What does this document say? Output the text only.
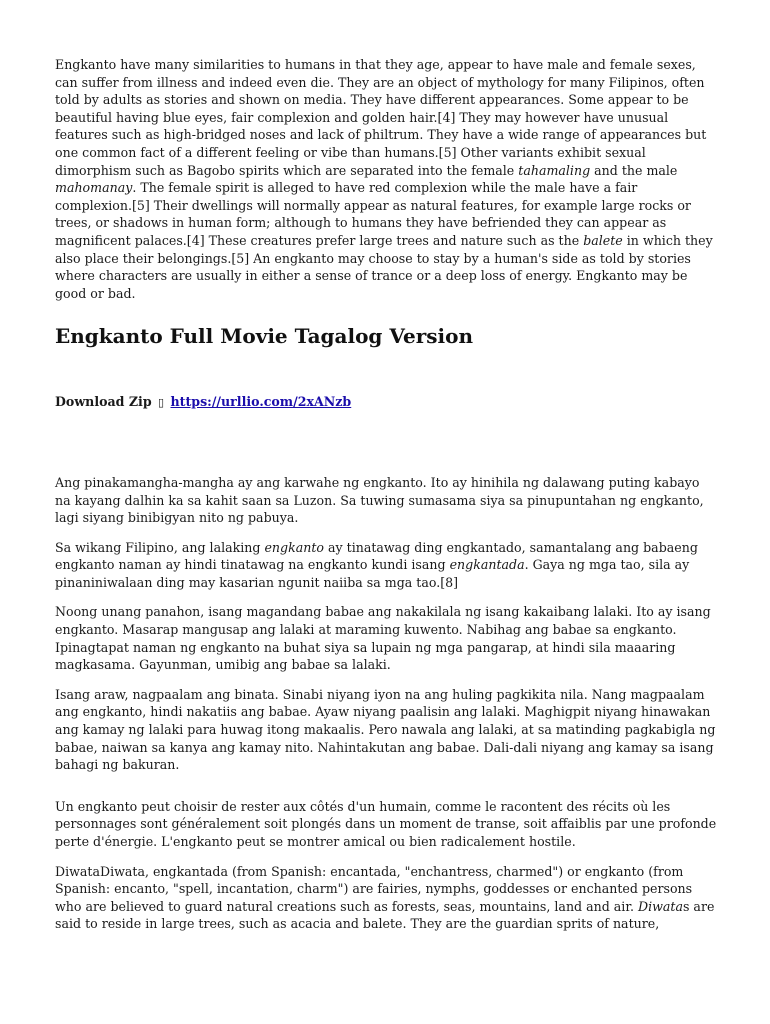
Engkanto have many similarities to humans in that they age, appear to have male and female sexes, can suffer from illness and indeed even die. They are an object of mythology for many Filipinos, often told by adults as stories and shown on media. They have different appearances. Some appear to be beautiful having blue eyes, fair complexion and golden hair.[4] They may however have unusual features such as high-bridged noses and lack of philtrum. They have a wide range of appearances but one common fact of a different feeling or vibe than humans.[5] Other variants exhibit sexual dimorphism such as Bagobo spirits which are separated into the female tahamaling and the male mahomanay. The female spirit is alleged to have red complexion while the male have a fair complexion.[5] Their dwellings will normally appear as natural features, for example large rocks or trees, or shadows in human form; although to humans they have befriended they can appear as magnificent palaces.[4] These creatures prefer large trees and nature such as the balete in which they also place their belongings.[5] An engkanto may choose to stay by a human's side as told by stories where characters are usually in either a sense of trance or a deep loss of energy. Engkanto may be good or bad.

Engkanto Full Movie Tagalog Version
Download Zip ▯ https://urllio.com/2xANzb

Ang pinakamangha-mangha ay ang karwahe ng engkanto. Ito ay hinihila ng dalawang puting kabayo na kayang dalhin ka sa kahit saan sa Luzon. Sa tuwing sumasama siya sa pinupuntahan ng engkanto, lagi siyang binibigyan nito ng pabuya.

Sa wikang Filipino, ang lalaking engkanto ay tinatawag ding engkantado, samantalang ang babaeng engkanto naman ay hindi tinatawag na engkanto kundi isang engkantada. Gaya ng mga tao, sila ay pinaniniwalaan ding may kasarian ngunit naiiba sa mga tao.[8]

Noong unang panahon, isang magandang babae ang nakakilala ng isang kakaibang lalaki. Ito ay isang engkanto. Masarap mangusap ang lalaki at maraming kuwento. Nabihag ang babae sa engkanto. Ipinagtapat naman ng engkanto na buhat siya sa lupain ng mga pangarap, at hindi sila maaaring magkasama. Gayunman, umibig ang babae sa lalaki.

Isang araw, nagpaalam ang binata. Sinabi niyang iyon na ang huling pagkikita nila. Nang magpaalam ang engkanto, hindi nakatiis ang babae. Ayaw niyang paalisin ang lalaki. Maghigpit niyang hinawakan ang kamay ng lalaki para huwag itong makaalis. Pero nawala ang lalaki, at sa matinding pagkabigla ng babae, naiwan sa kanya ang kamay nito. Nahintakutan ang babae. Dali-dali niyang ang kamay sa isang bahagi ng bakuran.

Un engkanto peut choisir de rester aux côtés d'un humain, comme le racontent des récits où les personnages sont généralement soit plongés dans un moment de transe, soit affaiblis par une profonde perte d'énergie. L'engkanto peut se montrer amical ou bien radicalement hostile.

DiwataDiwata, engkantada (from Spanish: encantada, "enchantress, charmed") or engkanto (from Spanish: encanto, "spell, incantation, charm") are fairies, nymphs, goddesses or enchanted persons who are believed to guard natural creations such as forests, seas, mountains, land and air. Diwatas are said to reside in large trees, such as acacia and balete. They are the guardian sprits of nature,
